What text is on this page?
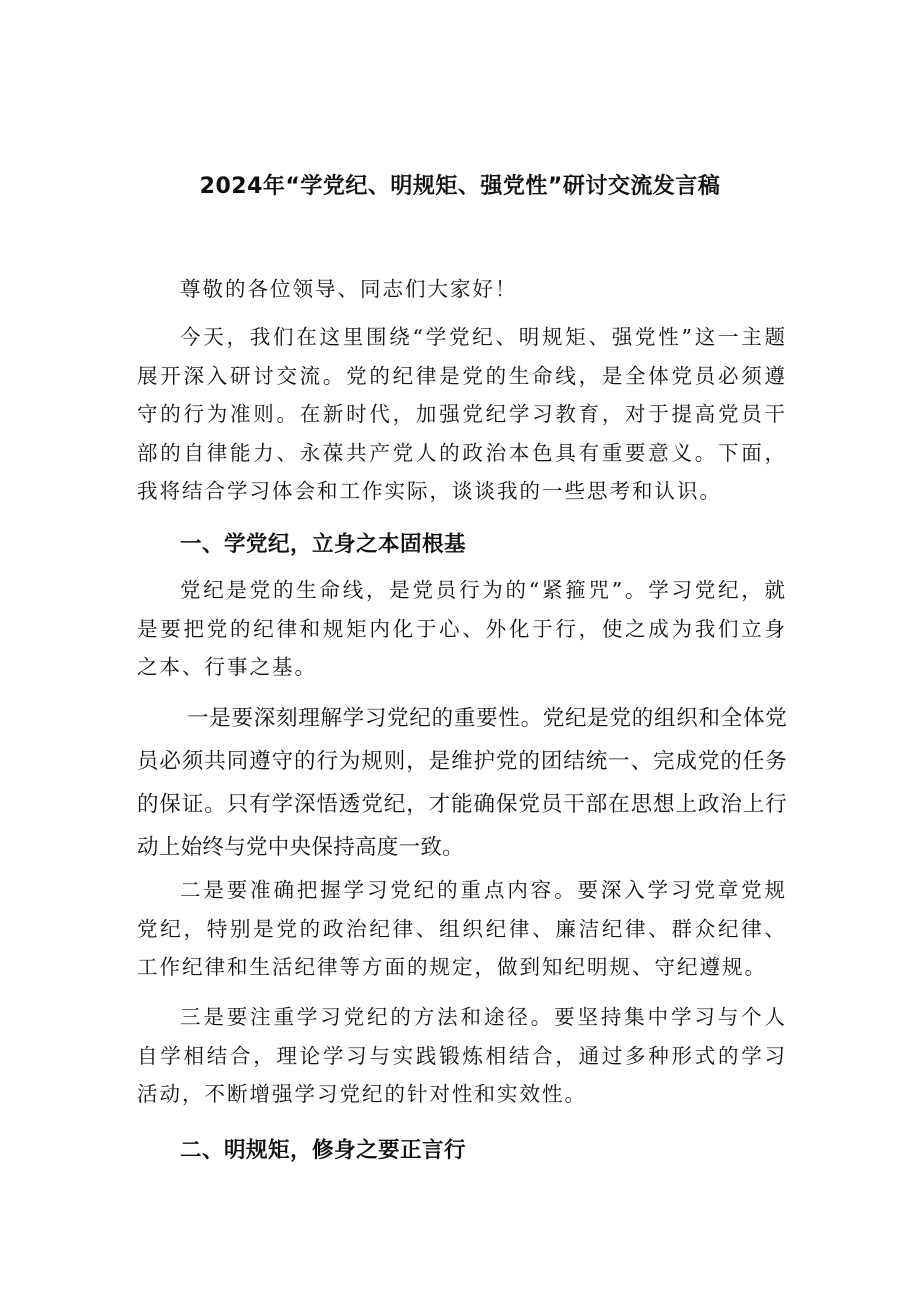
2024年“学党纪、明规矩、强党性”研讨交流发言稿

尊敬的各位领导、同志们大家好！

今天，我们在这里围绕“学党纪、明规矩、强党性”这一主题展开深入研讨交流。党的纪律是党的生命线，是全体党员必须遵守的行为准则。在新时代，加强党纪学习教育，对于提高党员干部的自律能力、永葆共产党人的政治本色具有重要意义。下面，我将结合学习体会和工作实际，谈谈我的一些思考和认识。

一、学党纪，立身之本固根基

党纪是党的生命线，是党员行为的“紧箍咒”。学习党纪，就是要把党的纪律和规矩内化于心、外化于行，使之成为我们立身之本、行事之基。

一是要深刻理解学习党纪的重要性。党纪是党的组织和全体党员必须共同遵守的行为规则，是维护党的团结统一、完成党的任务的保证。只有学深悟透党纪，才能确保党员干部在思想上政治上行动上始终与党中央保持高度一致。

二是要准确把握学习党纪的重点内容。要深入学习党章党规党纪，特别是党的政治纪律、组织纪律、廉洁纪律、群众纪律、工作纪律和生活纪律等方面的规定，做到知纪明规、守纪遵规。

三是要注重学习党纪的方法和途径。要坚持集中学习与个人自学相结合，理论学习与实践锻炼相结合，通过多种形式的学习活动，不断增强学习党纪的针对性和实效性。

二、明规矩，修身之要正言行
